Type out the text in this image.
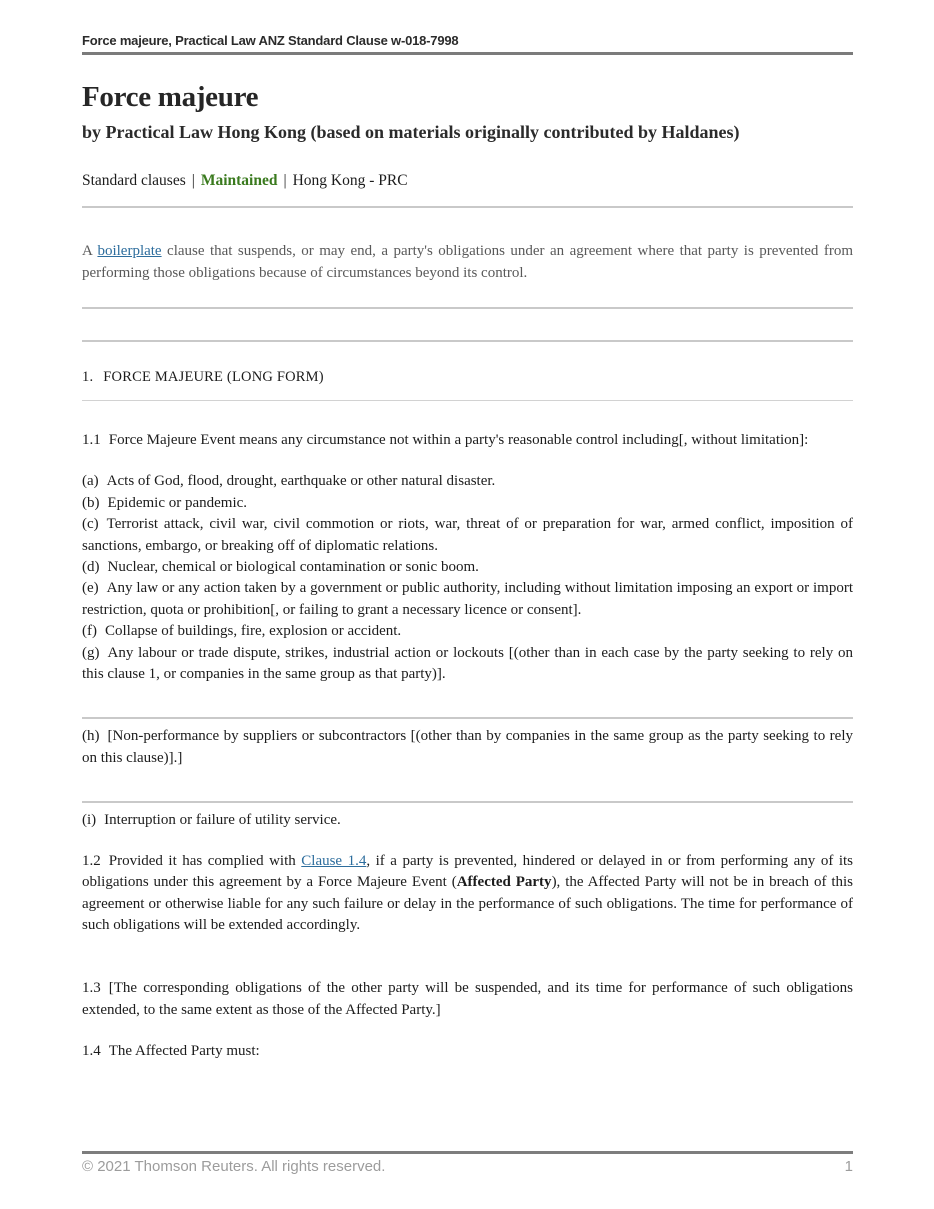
Force majeure, Practical Law ANZ Standard Clause w-018-7998
Force majeure
by Practical Law Hong Kong (based on materials originally contributed by Haldanes)
Standard clauses | Maintained | Hong Kong - PRC

A boilerplate clause that suspends, or may end, a party's obligations under an agreement where that party is prevented from performing those obligations because of circumstances beyond its control.

1. FORCE MAJEURE (LONG FORM)

1.1 Force Majeure Event means any circumstance not within a party's reasonable control including[, without limitation]:

(a) Acts of God, flood, drought, earthquake or other natural disaster.

(b) Epidemic or pandemic.

(c) Terrorist attack, civil war, civil commotion or riots, war, threat of or preparation for war, armed conflict, imposition of sanctions, embargo, or breaking off of diplomatic relations.

(d) Nuclear, chemical or biological contamination or sonic boom.

(e) Any law or any action taken by a government or public authority, including without limitation imposing an export or import restriction, quota or prohibition[, or failing to grant a necessary licence or consent].

(f) Collapse of buildings, fire, explosion or accident.

(g) Any labour or trade dispute, strikes, industrial action or lockouts [(other than in each case by the party seeking to rely on this clause 1, or companies in the same group as that party)].

(h) [Non-performance by suppliers or subcontractors [(other than by companies in the same group as the party seeking to rely on this clause)].]

(i) Interruption or failure of utility service.

1.2 Provided it has complied with Clause 1.4, if a party is prevented, hindered or delayed in or from performing any of its obligations under this agreement by a Force Majeure Event (Affected Party), the Affected Party will not be in breach of this agreement or otherwise liable for any such failure or delay in the performance of such obligations. The time for performance of such obligations will be extended accordingly.

1.3 [The corresponding obligations of the other party will be suspended, and its time for performance of such obligations extended, to the same extent as those of the Affected Party.]

1.4 The Affected Party must:

© 2021 Thomson Reuters. All rights reserved.	1
